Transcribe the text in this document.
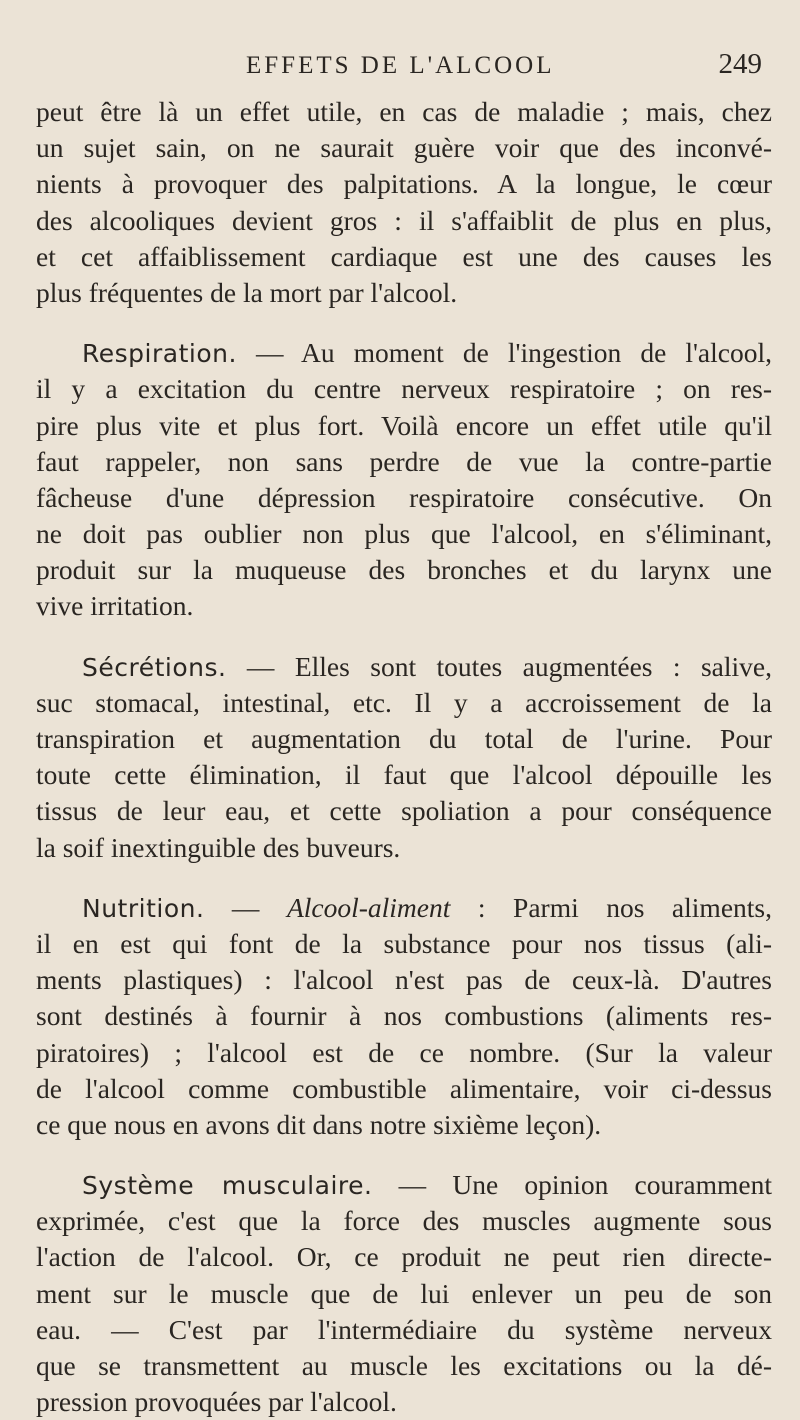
EFFETS DE L'ALCOOL	249
peut être là un effet utile, en cas de maladie ; mais, chez
un sujet sain, on ne saurait guère voir que des inconvé-
nients à provoquer des palpitations. A la longue, le cœur
des alcooliques devient gros : il s'affaiblit de plus en plus,
et cet affaiblissement cardiaque est une des causes les
plus fréquentes de la mort par l'alcool.
Respiration. — Au moment de l'ingestion de l'alcool,
il y a excitation du centre nerveux respiratoire ; on res-
pire plus vite et plus fort. Voilà encore un effet utile qu'il
faut rappeler, non sans perdre de vue la contre-partie
fâcheuse d'une dépression respiratoire consécutive. On
ne doit pas oublier non plus que l'alcool, en s'éliminant,
produit sur la muqueuse des bronches et du larynx une
vive irritation.
Sécrétions. — Elles sont toutes augmentées : salive,
suc stomacal, intestinal, etc. Il y a accroissement de la
transpiration et augmentation du total de l'urine. Pour
toute cette élimination, il faut que l'alcool dépouille les
tissus de leur eau, et cette spoliation a pour conséquence
la soif inextinguible des buveurs.
Nutrition. — Alcool-aliment : Parmi nos aliments,
il en est qui font de la substance pour nos tissus (ali-
ments plastiques) : l'alcool n'est pas de ceux-là. D'autres
sont destinés à fournir à nos combustions (aliments res-
piratoires) ; l'alcool est de ce nombre. (Sur la valeur
de l'alcool comme combustible alimentaire, voir ci-dessus
ce que nous en avons dit dans notre sixième leçon).
Système musculaire. — Une opinion couramment
exprimée, c'est que la force des muscles augmente sous
l'action de l'alcool. Or, ce produit ne peut rien directe-
ment sur le muscle que de lui enlever un peu de son
eau. — C'est par l'intermédiaire du système nerveux
que se transmettent au muscle les excitations ou la dé-
pression provoquées par l'alcool.
